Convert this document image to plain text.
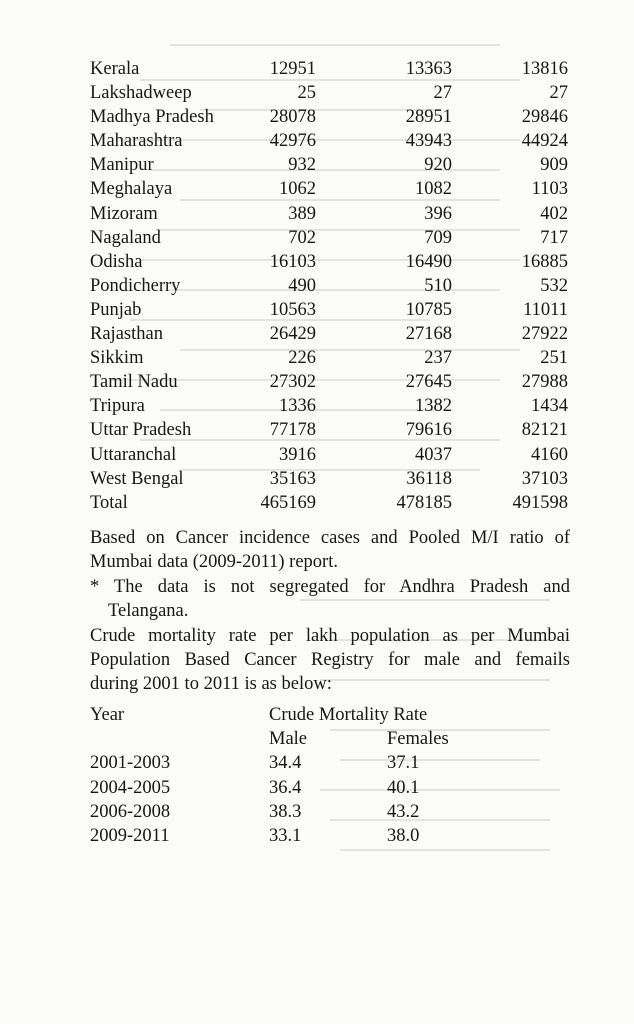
Kerala	12951	13363	13816
Lakshadweep	25	27	27
Madhya Pradesh	28078	28951	29846
Maharashtra	42976	43943	44924
Manipur	932	920	909
Meghalaya	1062	1082	1103
Mizoram	389	396	402
Nagaland	702	709	717
Odisha	16103	16490	16885
Pondicherry	490	510	532
Punjab	10563	10785	11011
Rajasthan	26429	27168	27922
Sikkim	226	237	251
Tamil Nadu	27302	27645	27988
Tripura	1336	1382	1434
Uttar Pradesh	77178	79616	82121
Uttaranchal	3916	4037	4160
West Bengal	35163	36118	37103
Total	465169	478185	491598
Based on Cancer incidence cases and Pooled M/I ratio of
Mumbai data (2009-2011) report.
* The data is not segregated for Andhra Pradesh and
Telangana.
Crude mortality rate per lakh population as per Mumbai
Population Based Cancer Registry for male and femails
during 2001 to 2011 is as below:
Year	Crude Mortality Rate
Male	Females
2001-2003	34.4	37.1
2004-2005	36.4	40.1
2006-2008	38.3	43.2
2009-2011	33.1	38.0
